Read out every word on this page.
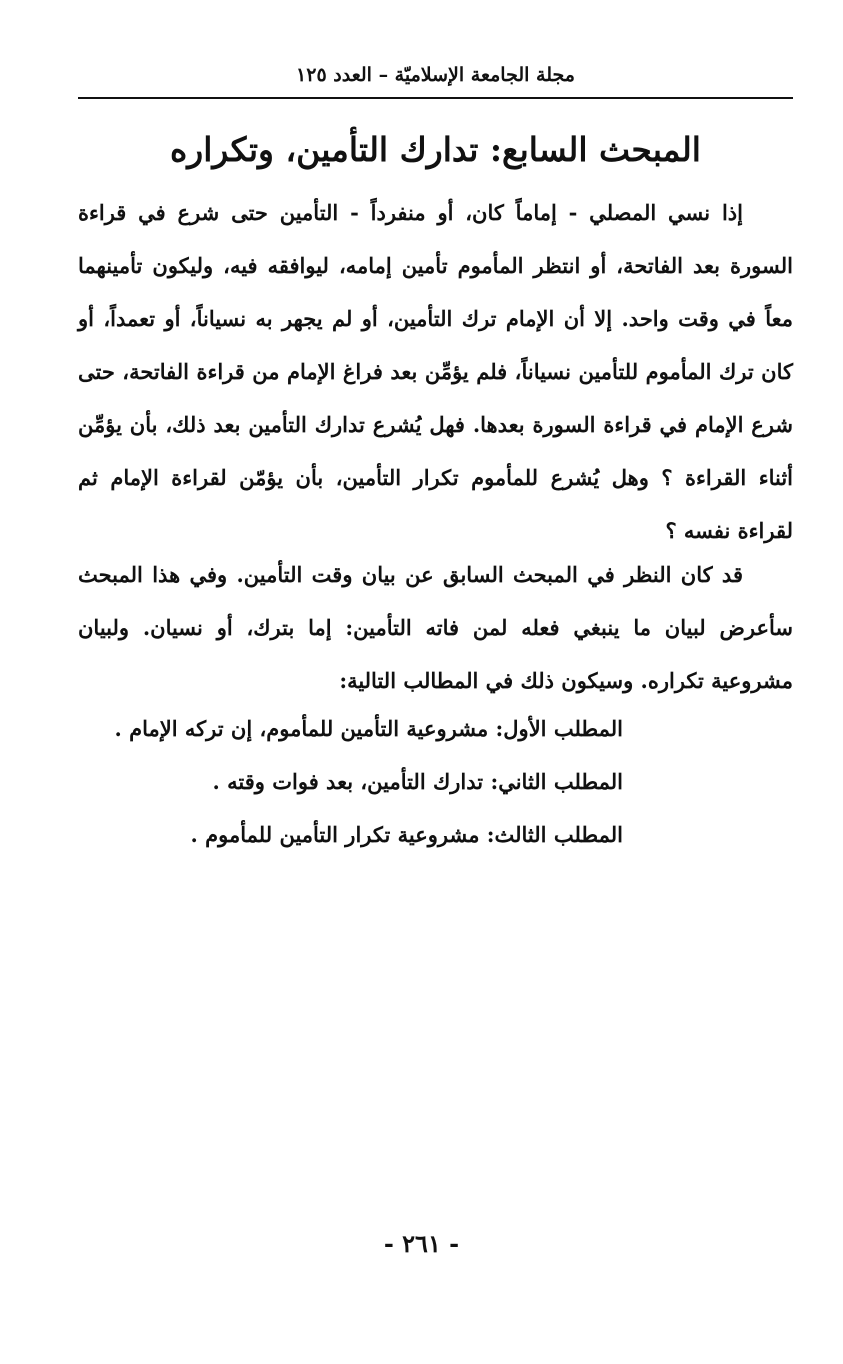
مجلة الجامعة الإسلاميّة – العدد ١٢٥
المبحث السابع: تدارك التأمين، وتكراره

إذا نسي المصلي - إماماً كان، أو منفرداً - التأمين حتى شرع في قراءة السورة بعد الفاتحة، أو انتظر المأموم تأمين إمامه، ليوافقه فيه، وليكون تأمينهما معاً في وقت واحد. إلا أن الإمام ترك التأمين، أو لم يجهر به نسياناً، أو تعمداً، أو كان ترك المأموم للتأمين نسياناً، فلم يؤمِّن بعد فراغ الإمام من قراءة الفاتحة، حتى شرع الإمام في قراءة السورة بعدها. فهل يُشرع تدارك التأمين بعد ذلك، بأن يؤمِّن أثناء القراءة ؟ وهل يُشرع للمأموم تكرار التأمين، بأن يؤمّن لقراءة الإمام ثم لقراءة نفسه ؟

قد كان النظر في المبحث السابق عن بيان وقت التأمين. وفي هذا المبحث سأعرض لبيان ما ينبغي فعله لمن فاته التأمين: إما بترك، أو نسيان. ولبيان مشروعية تكراره. وسيكون ذلك في المطالب التالية:

المطلب الأول: مشروعية التأمين للمأموم، إن تركه الإمام .
المطلب الثاني: تدارك التأمين، بعد فوات وقته .
المطلب الثالث: مشروعية تكرار التأمين للمأموم .
- ٢٦١ -
